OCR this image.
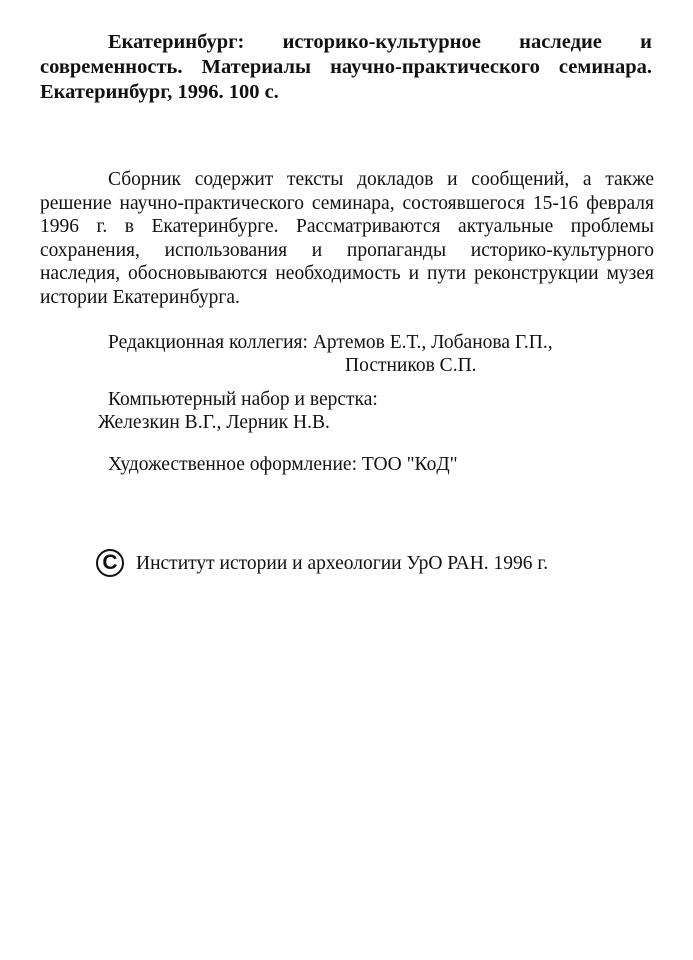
Екатеринбург: историко-культурное наследие и современность. Материалы научно-практического семинара. Екатеринбург, 1996. 100 с.

Сборник содержит тексты докладов и сообщений, а также решение научно-практического семинара, состоявшегося 15-16 февраля 1996 г. в Екатеринбурге. Рассматриваются актуальные проблемы сохранения, использования и пропаганды историко-культурного наследия, обосновываются необходимость и пути реконструкции музея истории Екатеринбурга.

Редакционная коллегия: Артемов Е.Т., Лобанова Г.П.,
Постников С.П.
Компьютерный набор и верстка:
Железкин В.Г., Лерник Н.В.
Художественное оформление: ТОО "КоД"
C Институт истории и археологии УрО РАН. 1996 г.
